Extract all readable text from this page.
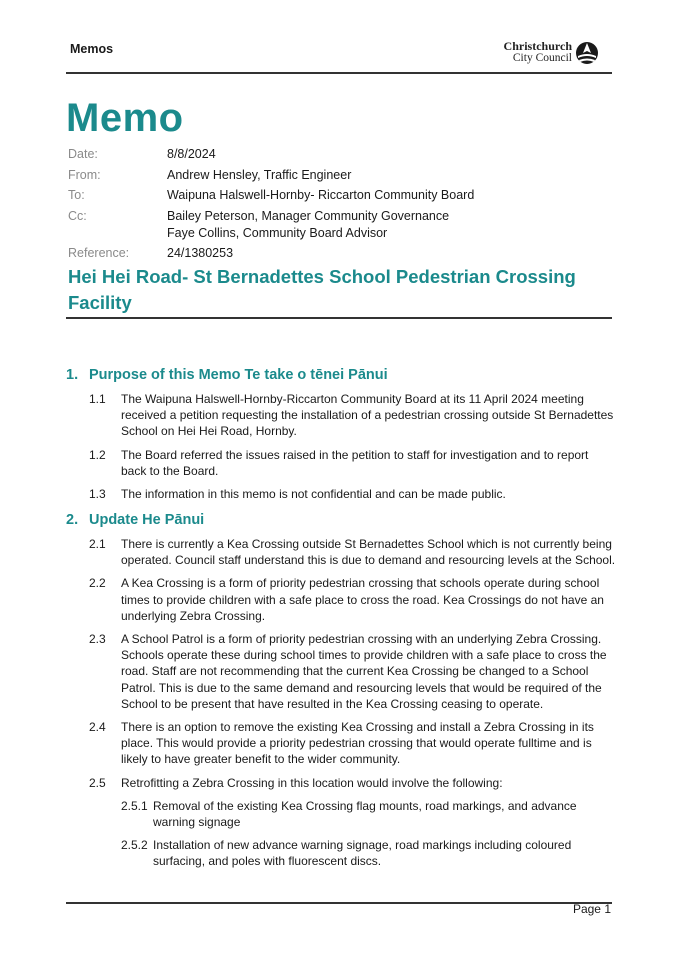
Memos	Christchurch
City Council
Memo
Date:	8/8/2024
From:	Andrew Hensley, Traffic Engineer
To:	Waipuna Halswell-Hornby- Riccarton Community Board
Cc:	Bailey Peterson, Manager Community Governance
Faye Collins, Community Board Advisor
Reference:	24/1380253
Hei Hei Road- St Bernadettes School Pedestrian Crossing Facility
1. Purpose of this Memo Te take o tēnei Pānui
1.1	The Waipuna Halswell-Hornby-Riccarton Community Board at its 11 April 2024 meeting received a petition requesting the installation of a pedestrian crossing outside St Bernadettes School on Hei Hei Road, Hornby.
1.2	The Board referred the issues raised in the petition to staff for investigation and to report back to the Board.
1.3	The information in this memo is not confidential and can be made public.
2. Update He Pānui
2.1	There is currently a Kea Crossing outside St Bernadettes School which is not currently being operated. Council staff understand this is due to demand and resourcing levels at the School.
2.2	A Kea Crossing is a form of priority pedestrian crossing that schools operate during school times to provide children with a safe place to cross the road. Kea Crossings do not have an underlying Zebra Crossing.
2.3	A School Patrol is a form of priority pedestrian crossing with an underlying Zebra Crossing. Schools operate these during school times to provide children with a safe place to cross the road. Staff are not recommending that the current Kea Crossing be changed to a School Patrol. This is due to the same demand and resourcing levels that would be required of the School to be present that have resulted in the Kea Crossing ceasing to operate.
2.4	There is an option to remove the existing Kea Crossing and install a Zebra Crossing in its place. This would provide a priority pedestrian crossing that would operate fulltime and is likely to have greater benefit to the wider community.
2.5	Retrofitting a Zebra Crossing in this location would involve the following:
2.5.1 Removal of the existing Kea Crossing flag mounts, road markings, and advance warning signage
2.5.2 Installation of new advance warning signage, road markings including coloured surfacing, and poles with fluorescent discs.
Page 1
